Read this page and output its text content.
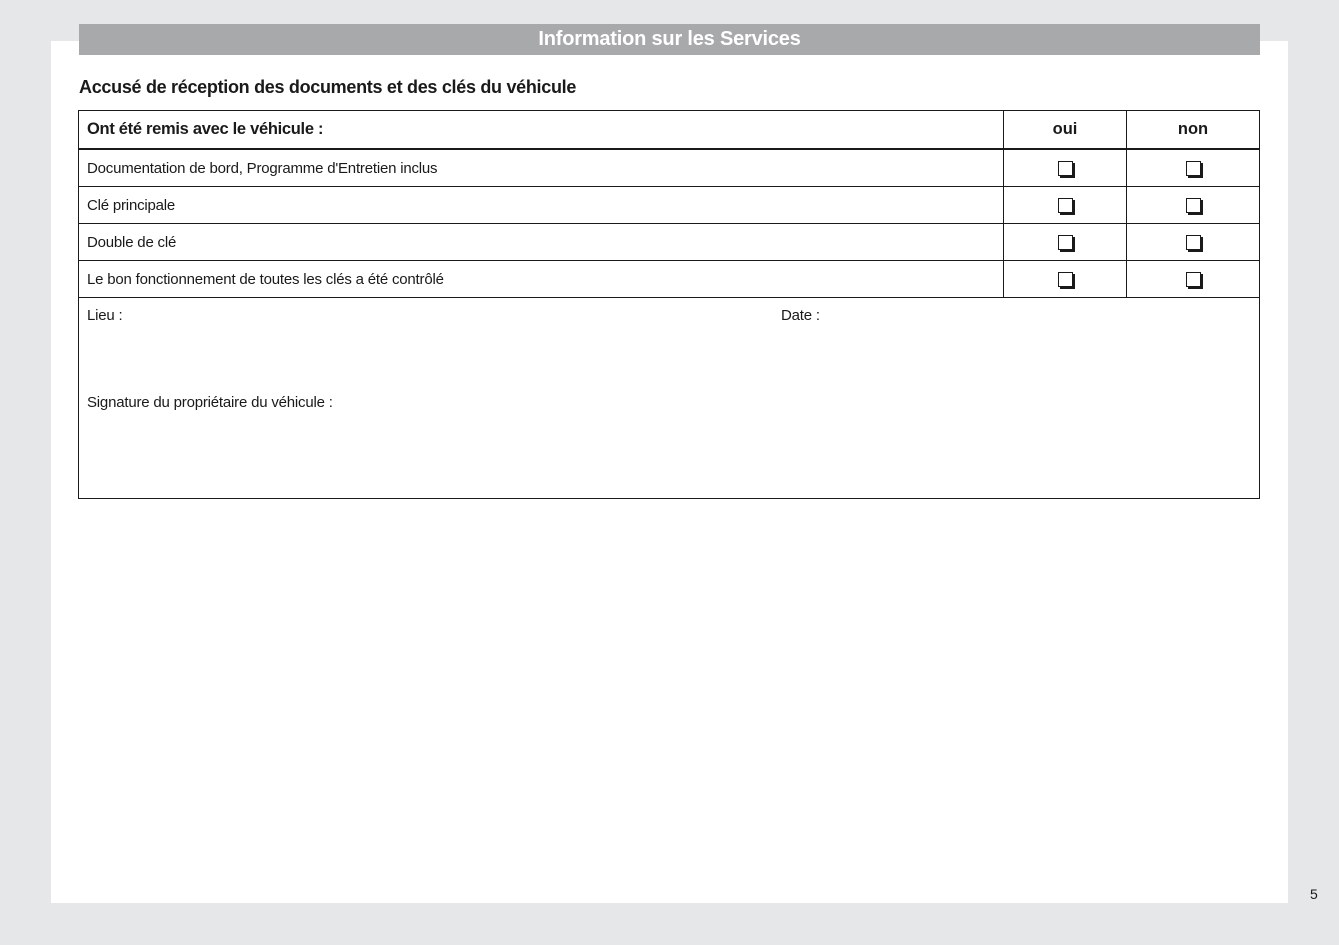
Information sur les Services
Accusé de réception des documents et des clés du véhicule
Ont été remis avec le véhicule :	oui	non
Documentation de bord, Programme d'Entretien inclus
Clé principale
Double de clé
Le bon fonctionnement de toutes les clés a été contrôlé
Lieu :	Date :
Signature du propriétaire du véhicule :
5
